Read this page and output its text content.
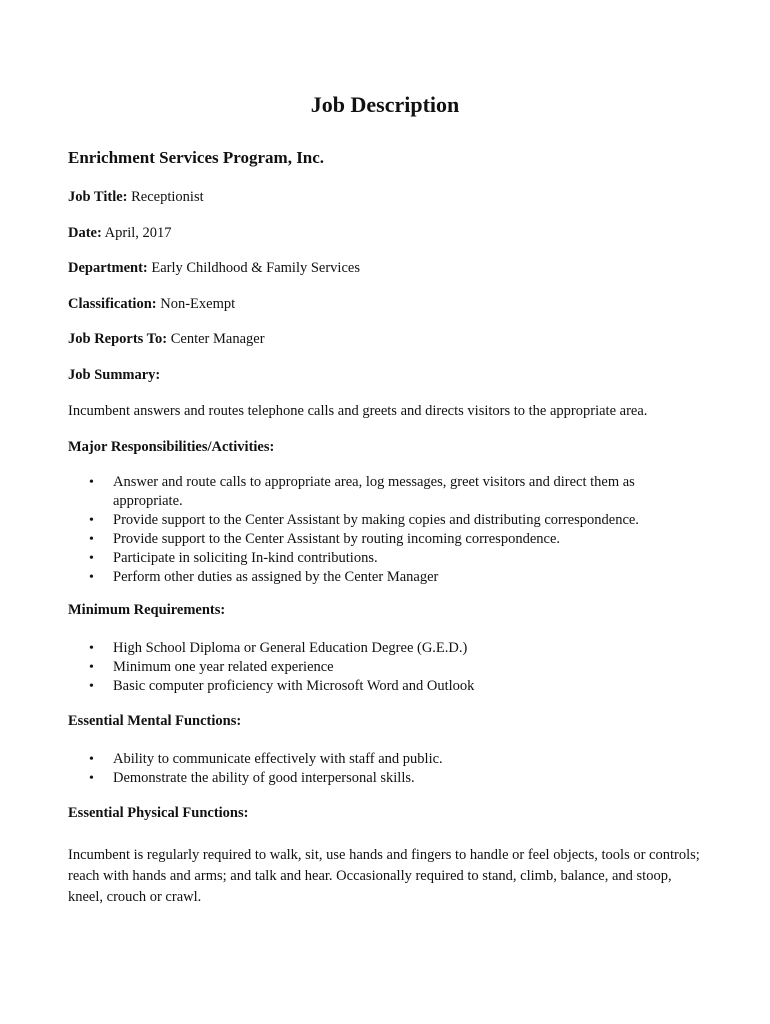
Job Description
Enrichment Services Program, Inc.

Job Title: Receptionist

Date: April, 2017

Department: Early Childhood & Family Services

Classification: Non-Exempt

Job Reports To: Center Manager

Job Summary:

Incumbent answers and routes telephone calls and greets and directs visitors to the appropriate area.

Major Responsibilities/Activities:
• Answer and route calls to appropriate area, log messages, greet visitors and direct them as appropriate.
• Provide support to the Center Assistant by making copies and distributing correspondence.
• Provide support to the Center Assistant by routing incoming correspondence.
• Participate in soliciting In-kind contributions.
• Perform other duties as assigned by the Center Manager
Minimum Requirements:
• High School Diploma or General Education Degree (G.E.D.)
• Minimum one year related experience
• Basic computer proficiency with Microsoft Word and Outlook
Essential Mental Functions:
• Ability to communicate effectively with staff and public.
• Demonstrate the ability of good interpersonal skills.
Essential Physical Functions:

Incumbent is regularly required to walk, sit, use hands and fingers to handle or feel objects, tools or controls; reach with hands and arms; and talk and hear. Occasionally required to stand, climb, balance, and stoop, kneel, crouch or crawl.
